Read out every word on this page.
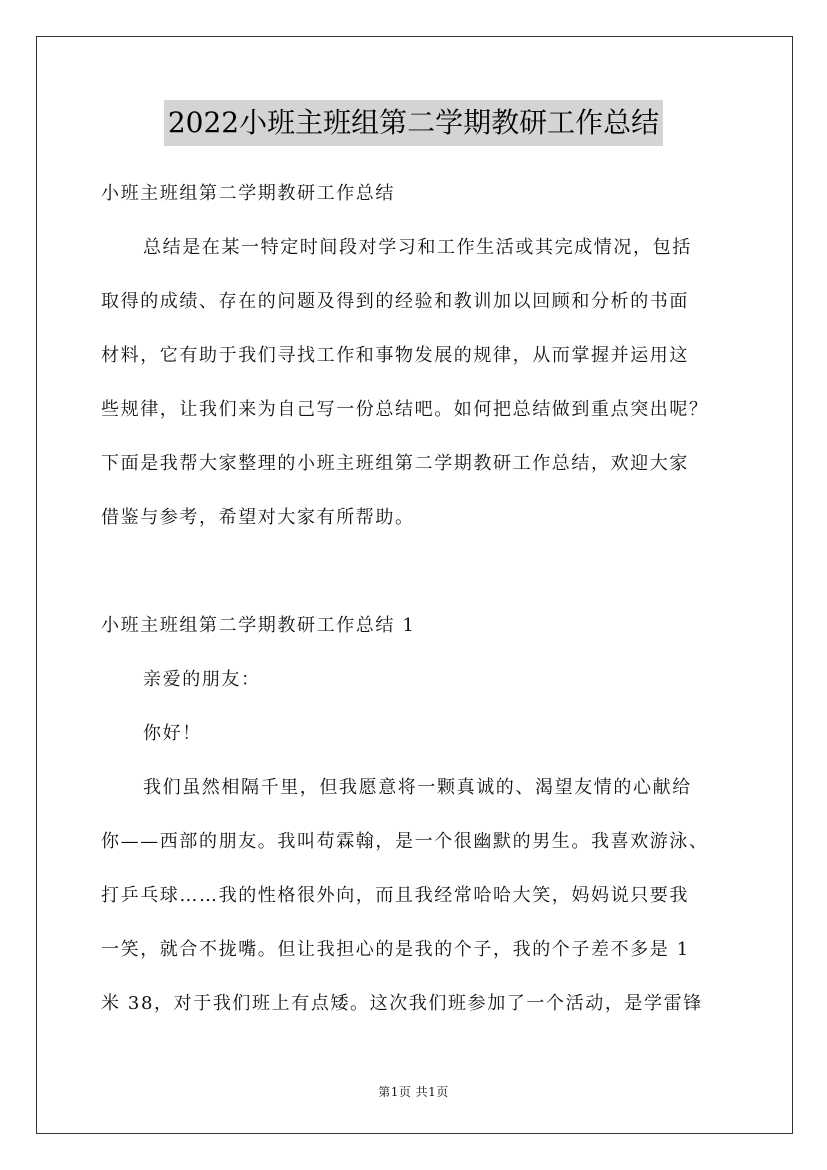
2022小班主班组第二学期教研工作总结
小班主班组第二学期教研工作总结
总结是在某一特定时间段对学习和工作生活或其完成情况，包括
取得的成绩、存在的问题及得到的经验和教训加以回顾和分析的书面
材料，它有助于我们寻找工作和事物发展的规律，从而掌握并运用这
些规律，让我们来为自己写一份总结吧。如何把总结做到重点突出呢？
下面是我帮大家整理的小班主班组第二学期教研工作总结，欢迎大家
借鉴与参考，希望对大家有所帮助。
小班主班组第二学期教研工作总结 1
亲爱的朋友：
你好！
我们虽然相隔千里，但我愿意将一颗真诚的、渴望友情的心献给
你——西部的朋友。我叫苟霖翰，是一个很幽默的男生。我喜欢游泳、
打乒乓球……我的性格很外向，而且我经常哈哈大笑，妈妈说只要我
一笑，就合不拢嘴。但让我担心的是我的个子，我的个子差不多是 1
米 38，对于我们班上有点矮。这次我们班参加了一个活动，是学雷锋
第1页 共1页
